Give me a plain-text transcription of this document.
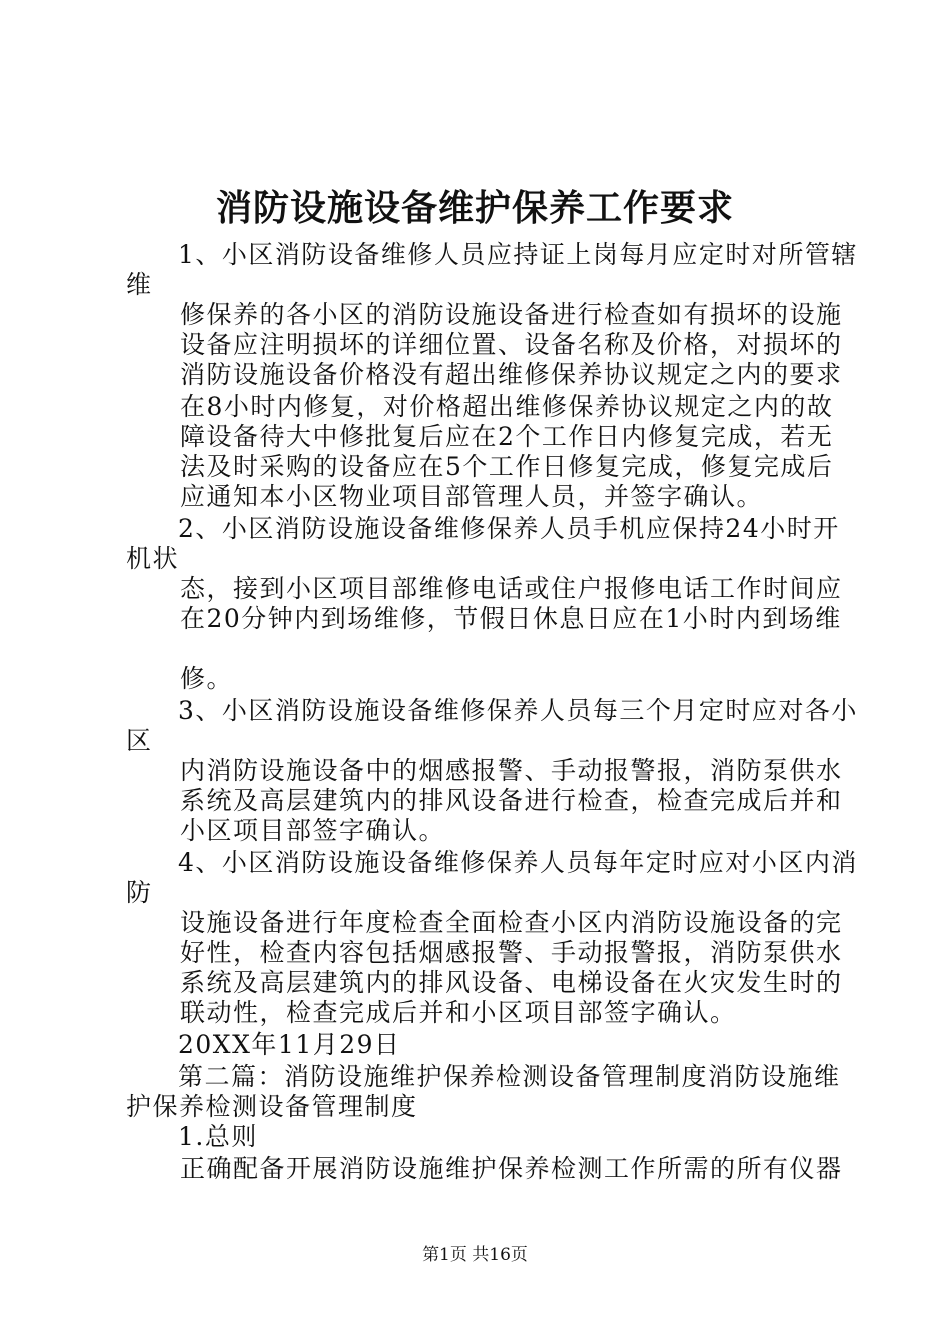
消防设施设备维护保养工作要求
1、小区消防设备维修人员应持证上岗每月应定时对所管辖
维
修保养的各小区的消防设施设备进行检查如有损坏的设施
设备应注明损坏的详细位置、设备名称及价格，对损坏的
消防设施设备价格没有超出维修保养协议规定之内的要求
在8小时内修复，对价格超出维修保养协议规定之内的故
障设备待大中修批复后应在2个工作日内修复完成，若无
法及时采购的设备应在5个工作日修复完成，修复完成后
应通知本小区物业项目部管理人员，并签字确认。
2、小区消防设施设备维修保养人员手机应保持24小时开
机状
态，接到小区项目部维修电话或住户报修电话工作时间应
在20分钟内到场维修，节假日休息日应在1小时内到场维
修。
3、小区消防设施设备维修保养人员每三个月定时应对各小
区
内消防设施设备中的烟感报警、手动报警报，消防泵供水
系统及高层建筑内的排风设备进行检查，检查完成后并和
小区项目部签字确认。
4、小区消防设施设备维修保养人员每年定时应对小区内消
防
设施设备进行年度检查全面检查小区内消防设施设备的完
好性，检查内容包括烟感报警、手动报警报，消防泵供水
系统及高层建筑内的排风设备、电梯设备在火灾发生时的
联动性，检查完成后并和小区项目部签字确认。
20XX年11月29日
第二篇：消防设施维护保养检测设备管理制度消防设施维
护保养检测设备管理制度
1.总则
正确配备开展消防设施维护保养检测工作所需的所有仪器
第1页 共16页
